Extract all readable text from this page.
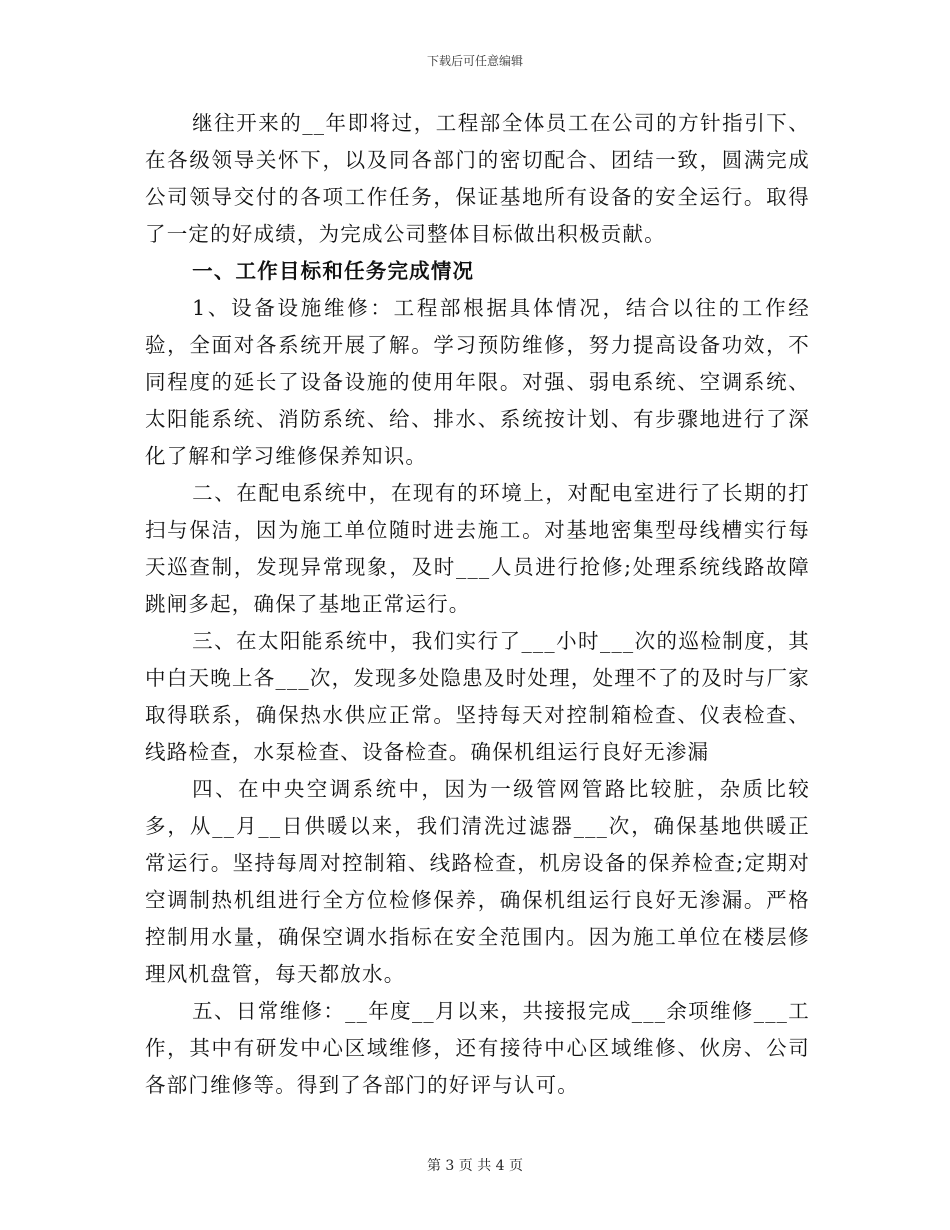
下载后可任意编辑

继往开来的__年即将过，工程部全体员工在公司的方针指引下、在各级领导关怀下，以及同各部门的密切配合、团结一致，圆满完成公司领导交付的各项工作任务，保证基地所有设备的安全运行。取得了一定的好成绩，为完成公司整体目标做出积极贡献。

一、工作目标和任务完成情况

1、设备设施维修：工程部根据具体情况，结合以往的工作经验，全面对各系统开展了解。学习预防维修，努力提高设备功效，不同程度的延长了设备设施的使用年限。对强、弱电系统、空调系统、太阳能系统、消防系统、给、排水、系统按计划、有步骤地进行了深化了解和学习维修保养知识。

二、在配电系统中，在现有的环境上，对配电室进行了长期的打扫与保洁，因为施工单位随时进去施工。对基地密集型母线槽实行每天巡查制，发现异常现象，及时___人员进行抢修;处理系统线路故障跳闸多起，确保了基地正常运行。

三、在太阳能系统中，我们实行了___小时___次的巡检制度，其中白天晚上各___次，发现多处隐患及时处理，处理不了的及时与厂家取得联系，确保热水供应正常。坚持每天对控制箱检查、仪表检查、线路检查，水泵检查、设备检查。确保机组运行良好无渗漏

四、在中央空调系统中，因为一级管网管路比较脏，杂质比较多，从__月__日供暖以来，我们清洗过滤器___次，确保基地供暖正常运行。坚持每周对控制箱、线路检查，机房设备的保养检查;定期对空调制热机组进行全方位检修保养，确保机组运行良好无渗漏。严格控制用水量，确保空调水指标在安全范围内。因为施工单位在楼层修理风机盘管，每天都放水。

五、日常维修：__年度__月以来，共接报完成___余项维修___工作，其中有研发中心区域维修，还有接待中心区域维修、伙房、公司各部门维修等。得到了各部门的好评与认可。

第 3 页 共 4 页
